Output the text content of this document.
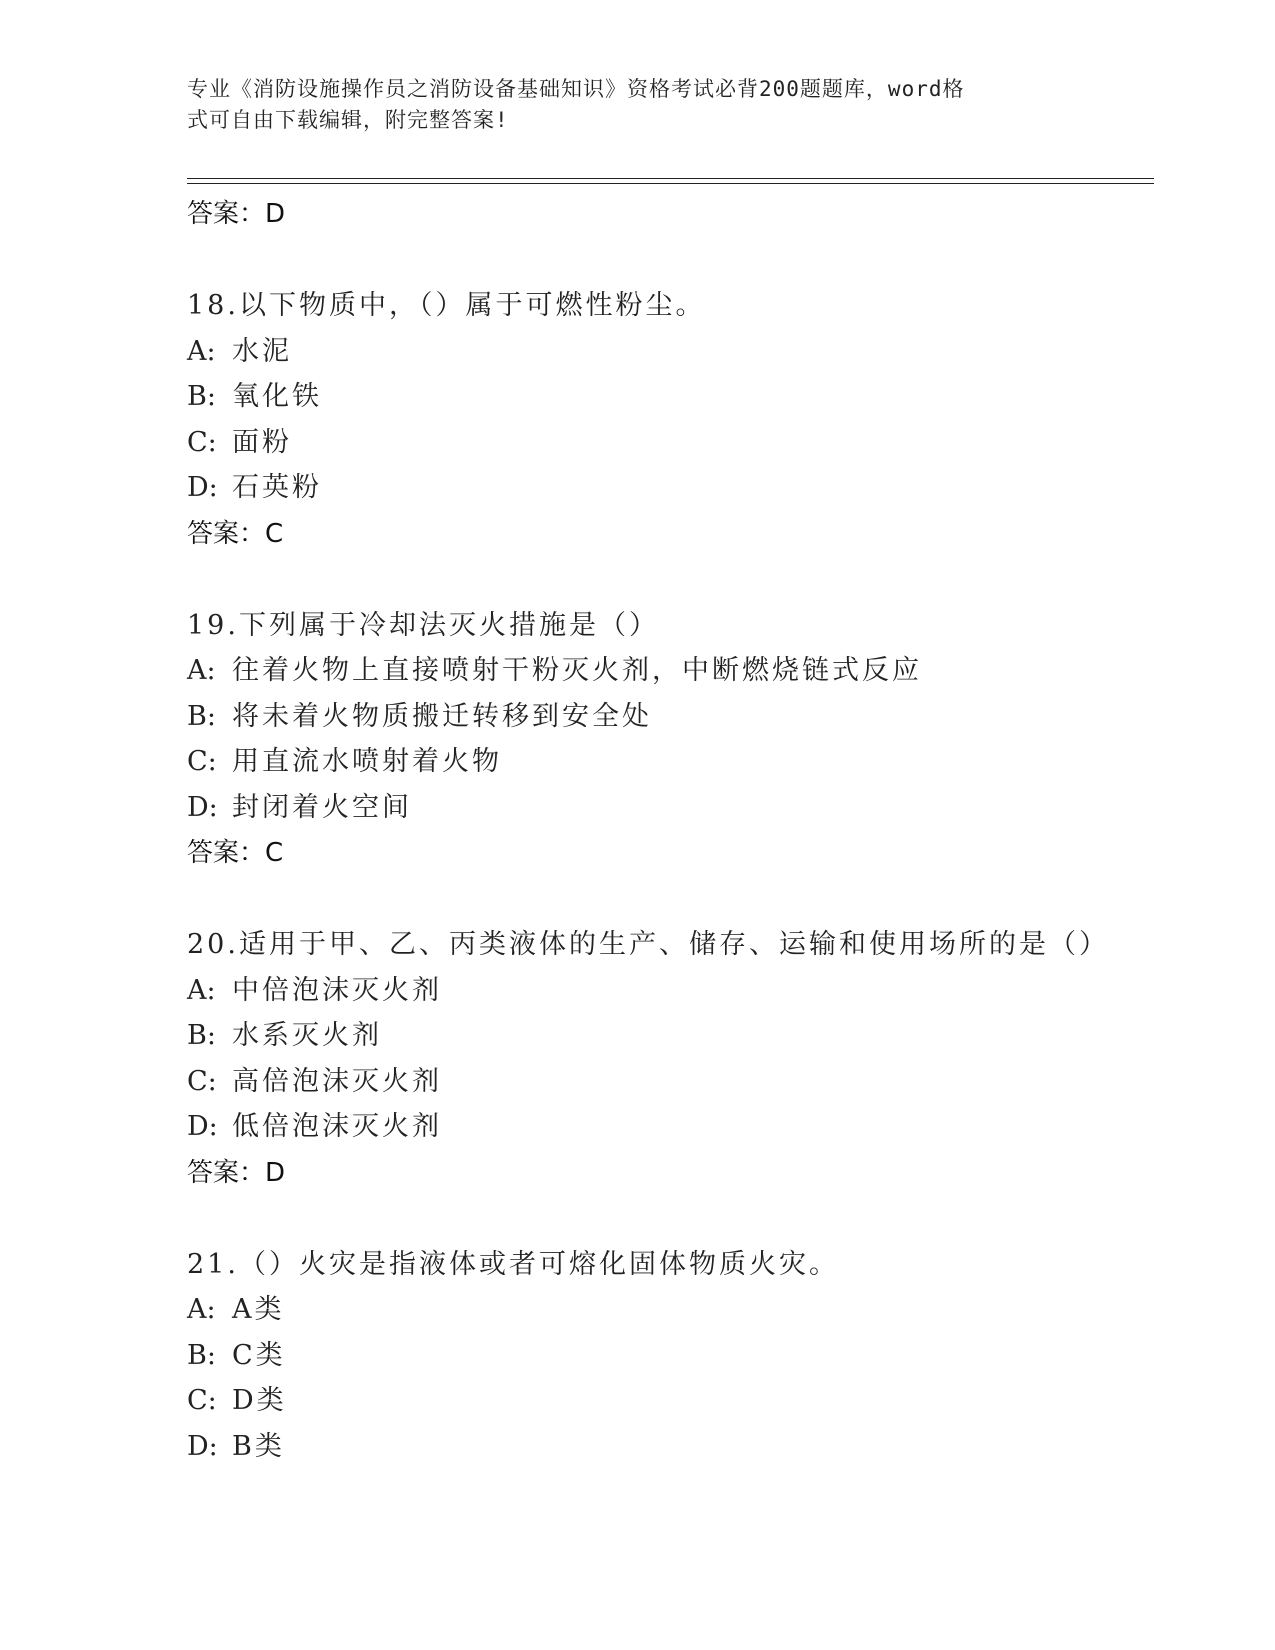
专业《消防设施操作员之消防设备基础知识》资格考试必背200题题库，word格
式可自由下载编辑，附完整答案!
答案：D
18.以下物质中，（）属于可燃性粉尘。
A: 水泥
B: 氧化铁
C: 面粉
D: 石英粉
答案：C
19.下列属于冷却法灭火措施是（）
A: 往着火物上直接喷射干粉灭火剂，中断燃烧链式反应
B: 将未着火物质搬迁转移到安全处
C: 用直流水喷射着火物
D: 封闭着火空间
答案：C
20.适用于甲、乙、丙类液体的生产、储存、运输和使用场所的是（）
A: 中倍泡沫灭火剂
B: 水系灭火剂
C: 高倍泡沫灭火剂
D: 低倍泡沫灭火剂
答案：D
21.（）火灾是指液体或者可熔化固体物质火灾。
A: A类
B: C类
C: D类
D: B类
